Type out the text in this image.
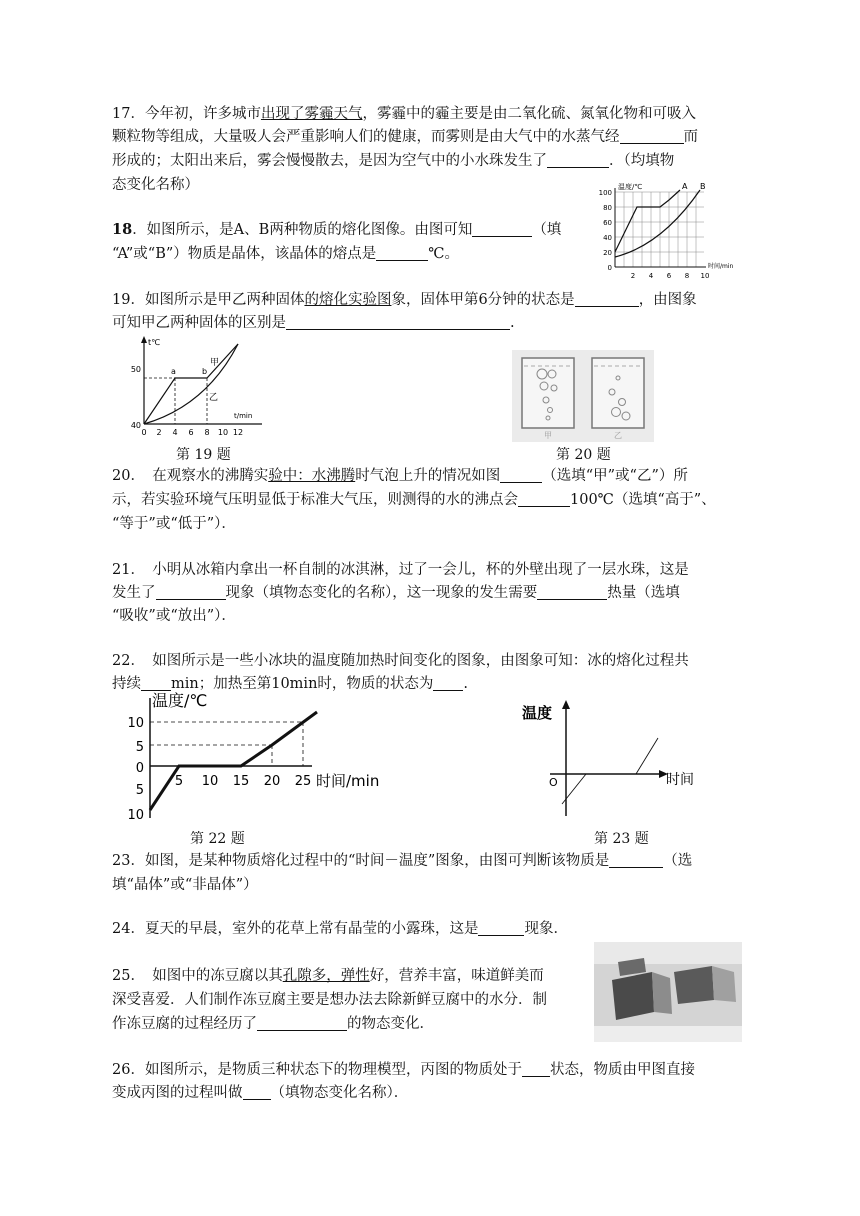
17．今年初，许多城市出现了雾霾天气，雾霾中的霾主要是由二氧化硫、氮氧化物和可吸入
颗粒物等组成，大量吸人会严重影响人们的健康，而雾则是由大气中的水蒸气经	而
形成的；太阳出来后，雾会慢慢散去，是因为空气中的小水珠发生了	．（均填物
态变化名称）	温度/℃
时间/min
0
20
40
60
80
100
2 4 6 8 10
A B
18．如图所示，是A、B两种物质的熔化图像。由图可知	（填
“A”或“B”）物质是晶体，该晶体的熔点是	℃。
19．如图所示是甲乙两种固体的熔化实验图象，固体甲第6分钟的状态是	，由图象
可知甲乙两种固体的区别是	.
t℃
t/min
50
40
0 2 4 6 8 10 12
a	b
甲
乙
第 19 题
甲	乙
第 20 题
20．　在观察水的沸腾实验中：水沸腾时气泡上升的情况如图	（选填“甲”或“乙”）所
示，若实验环境气压明显低于标准大气压，则测得的水的沸点会	100℃（选填“高于”、
“等于”或“低于”）．
21．　小明从冰箱内拿出一杯自制的冰淇淋，过了一会儿，杯的外壁出现了一层水珠，这是
发生了	现象（填物态变化的名称），这一现象的发生需要	热量（选填
“吸收”或“放出”）．
22．　如图所示是一些小冰块的温度随加热时间变化的图象，由图象可知：冰的熔化过程共
持续 min；加热至第10min时，物质的状态为 .
温度/℃
时间/min
10
5
0
5
10
5 10 15 20 25
第 22 题
温度
时间
O
第 23 题
23．如图，是某种物质熔化过程中的“时间－温度”图象，由图可判断该物质是	（选
填“晶体”或“非晶体”）
24．夏天的早晨，室外的花草上常有晶莹的小露珠，这是	现象．
25．　如图中的冻豆腐以其孔隙多，弹性好，营养丰富，味道鲜美而
深受喜爱．人们制作冻豆腐主要是想办法去除新鲜豆腐中的水分．制
作冻豆腐的过程经历了	的物态变化．
26．如图所示，是物质三种状态下的物理模型，丙图的物质处于 状态，物质由甲图直接
变成丙图的过程叫做 （填物态变化名称）．
